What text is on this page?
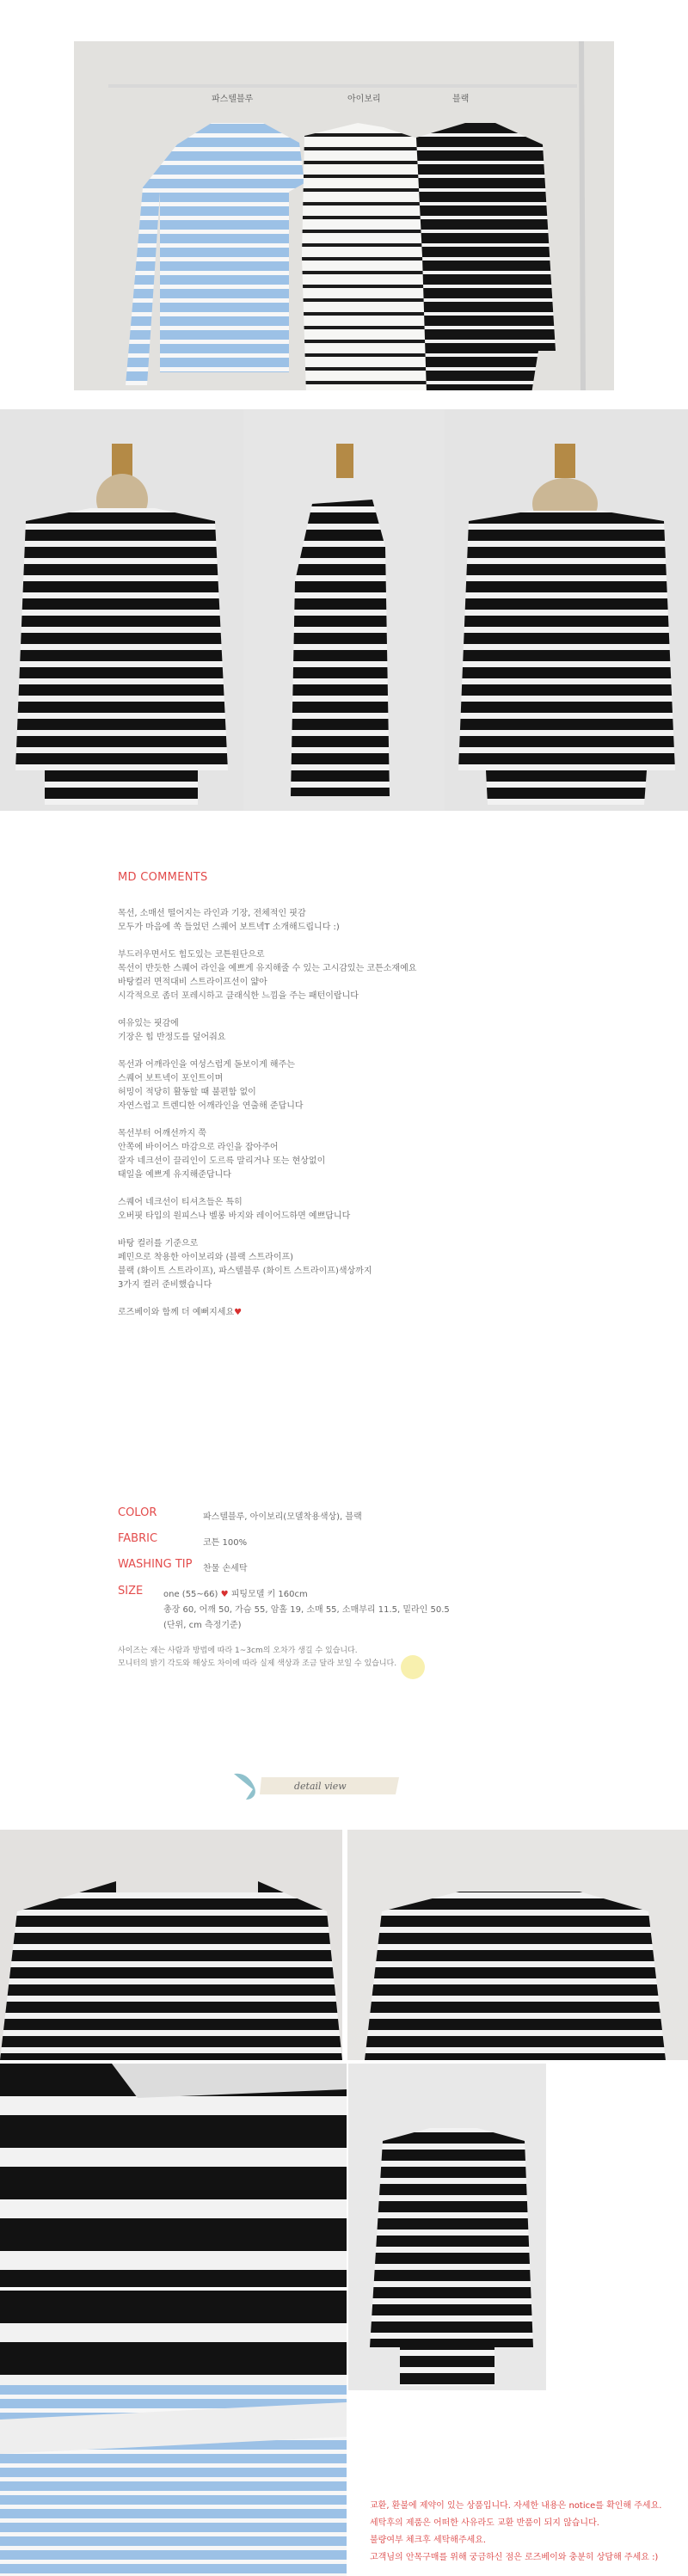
파스텔블루	아이보리	블랙
MD COMMENTS

목선, 소매선 떨어지는 라인과 기장, 전체적인 핏감

모두가 마음에 쏙 들었던 스퀘어 보트넥T 소개해드립니다 :)

부드러우면서도 힘도있는 코튼원단으로

목선이 반듯한 스퀘어 라인을 예쁘게 유지해줄 수 있는 고시감있는 코튼소재예요

바탕컬러 면적대비 스트라이프선이 얇아

시각적으로 좀더 포레시하고 클래식한 느낌을 주는 패턴이랍니다

여유있는 핏감에

기장은 힙 반정도를 덮어줘요

목선과 어깨라인을 여성스럽게 돋보이게 해주는

스퀘어 보트넥이 포인트이며

허밍이 적당히 활동할 때 불편함 없이

자연스럽고 트렌디한 어깨라인을 연출해 준답니다

목선부터 어깨선까지 쭉

안쪽에 바이어스 마감으로 라인을 잡아주어

잘자 네크선이 끌리인이 도르륵 말리거나 또는 현상없이

태일을 예쁘게 유지해준답니다

스퀘어 네크선이 티셔츠들은 특히

오버핏 타입의 원피스나 벨롱 바지와 레이어드하면 예쁘답니다

바탕 컬러를 기준으로

페민으로 착용한 아이보리와 (블랙 스트라이프)

블랙 (화이트 스트라이프), 파스텔블루 (화이트 스트라이프)색상까지

3가지 컬러 준비했습니다

로즈베이와 함께 더 예뻐지세요♥

COLOR	파스텔블루, 아이보리(모델착용색상), 블랙
FABRIC	코튼 100%
WASHING TIP 찬물 손세탁
SIZE one (55~66) ♥ 피팅모델 키 160cm
총장 60, 어깨 50, 가슴 55, 암홀 19, 소매 55, 소매부리 11.5, 밑라인 50.5
(단위, cm 측정기준)
사이즈는 재는 사람과 방법에 따라 1~3cm의 오차가 생길 수 있습니다.
모니터의 밝기 각도와 해상도 차이에 따라 실제 색상과 조금 달라 보일 수 있습니다.
detail view

교환, 환불에 제약이 있는 상품입니다. 자세한 내용은 notice를 확인해 주세요.

세탁후의 제품은 어떠한 사유라도 교환 반품이 되지 않습니다.

불량여부 체크후 세탁해주세요.

고객님의 안목구매를 위해 궁금하신 점은 로즈베이와 충분히 상담해 주세요 :)
